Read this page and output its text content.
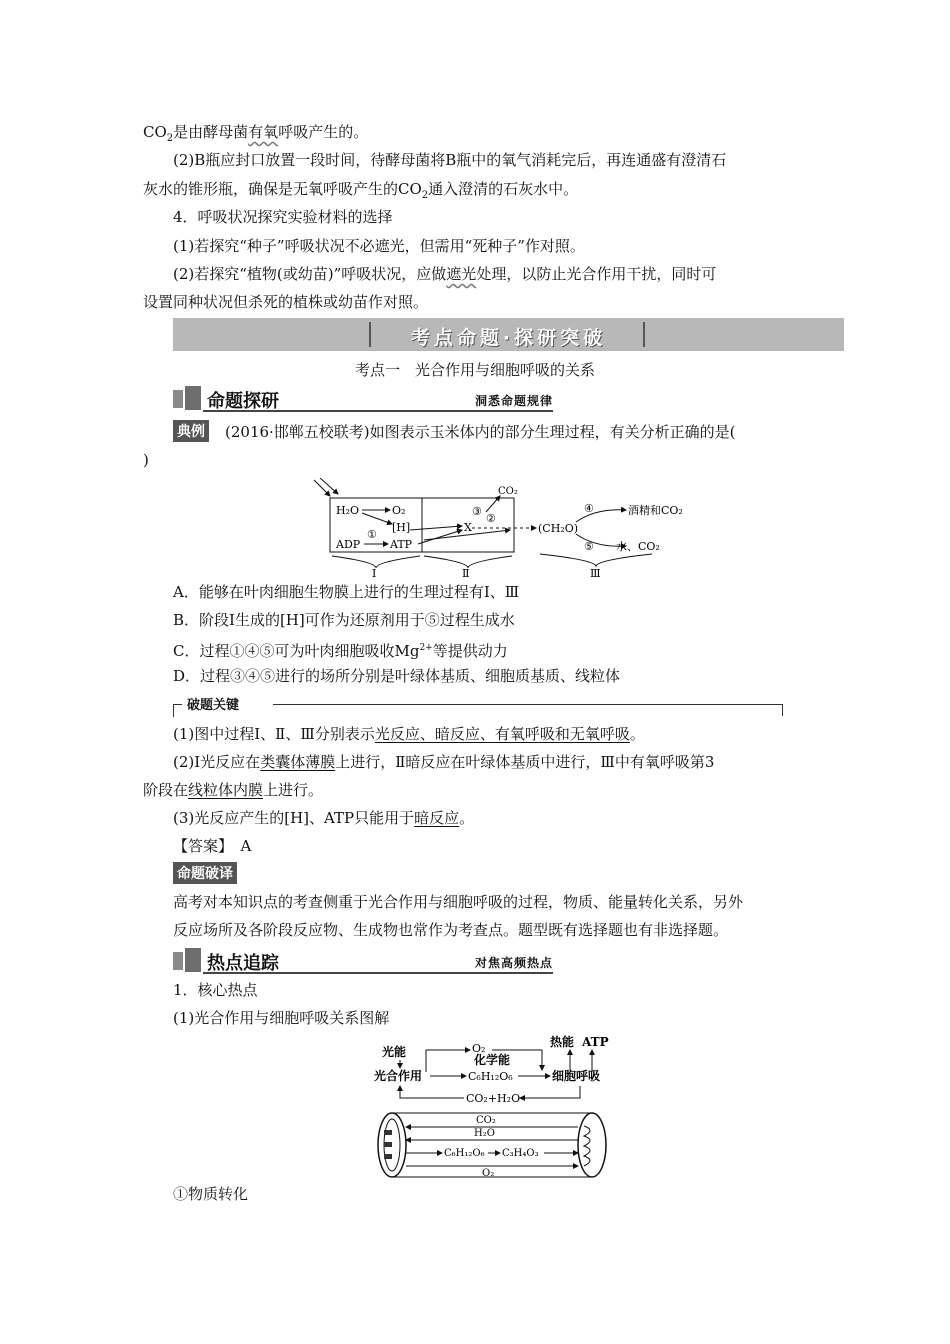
$CO_2$是由酵母菌有氧呼吸产生的。
(2)B瓶应封口放置一段时间，待酵母菌将B瓶中的氧气消耗完后，再连通盛有澄清石
灰水的锥形瓶，确保是无氧呼吸产生的$CO_2$通入澄清的石灰水中。
4．呼吸状况探究实验材料的选择
(1)若探究“种子”呼吸状况不必遮光，但需用“死种子”作对照。
(2)若探究“植物(或幼苗)”呼吸状况，应做遮光处理，以防止光合作用干扰，同时可
设置同种状况但杀死的植株或幼苗作对照。
考点命题·探研突破
考点一　光合作用与细胞呼吸的关系
命题探研	洞悉命题规律
典例 (2016·邯郸五校联考)如图表示玉米体内的部分生理过程，有关分析正确的是(
)
H₂O	O₂
[H]
①
ADP	ATP
X
③
②
CO₂
(CH₂O)
④
⑤
酒精和CO₂
水、CO₂
Ⅰ	Ⅱ	Ⅲ
A．能够在叶肉细胞生物膜上进行的生理过程有Ⅰ、Ⅲ
B．阶段Ⅰ生成的[H]可作为还原剂用于⑤过程生成水
C．过程①④⑤可为叶肉细胞吸收$Mg^{2+}$等提供动力
D．过程③④⑤进行的场所分别是叶绿体基质、细胞质基质、线粒体
破题关键
(1)图中过程Ⅰ、Ⅱ、Ⅲ分别表示光反应、暗反应、有氧呼吸和无氧呼吸。
(2)Ⅰ光反应在类囊体薄膜上进行，Ⅱ暗反应在叶绿体基质中进行，Ⅲ中有氧呼吸第3
阶段在线粒体内膜上进行。
(3)光反应产生的[H]、ATP只能用于暗反应。
【答案】　A
命题破译
高考对本知识点的考查侧重于光合作用与细胞呼吸的过程，物质、能量转化关系，另外
反应场所及各阶段反应物、生成物也常作为考查点。题型既有选择题也有非选择题。
热点追踪	对焦高频热点
1．核心热点
(1)光合作用与细胞呼吸关系图解
光能
光合作用
O₂
化学能
C₆H₁₂O₆
热能 ATP
细胞呼吸
CO₂+H₂O
CO₂
H₂O
C₆H₁₂O₆ C₃H₄O₃
O₂
①物质转化
